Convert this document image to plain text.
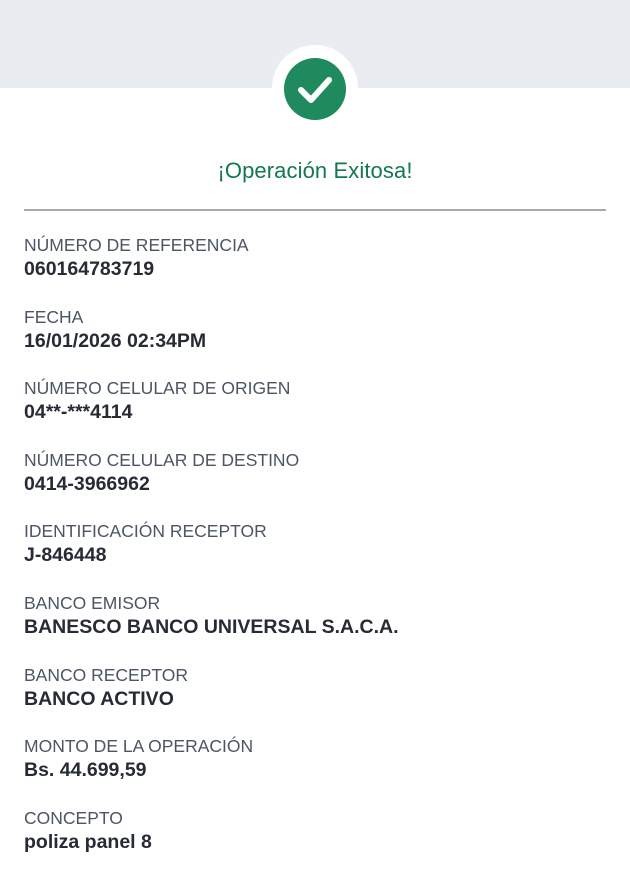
¡Operación Exitosa!
NÚMERO DE REFERENCIA
060164783719
FECHA
16/01/2026 02:34PM
NÚMERO CELULAR DE ORIGEN
04**-***4114
NÚMERO CELULAR DE DESTINO
0414-3966962
IDENTIFICACIÓN RECEPTOR
J-846448
BANCO EMISOR
BANESCO BANCO UNIVERSAL S.A.C.A.
BANCO RECEPTOR
BANCO ACTIVO
MONTO DE LA OPERACIÓN
Bs. 44.699,59
CONCEPTO
poliza panel 8
